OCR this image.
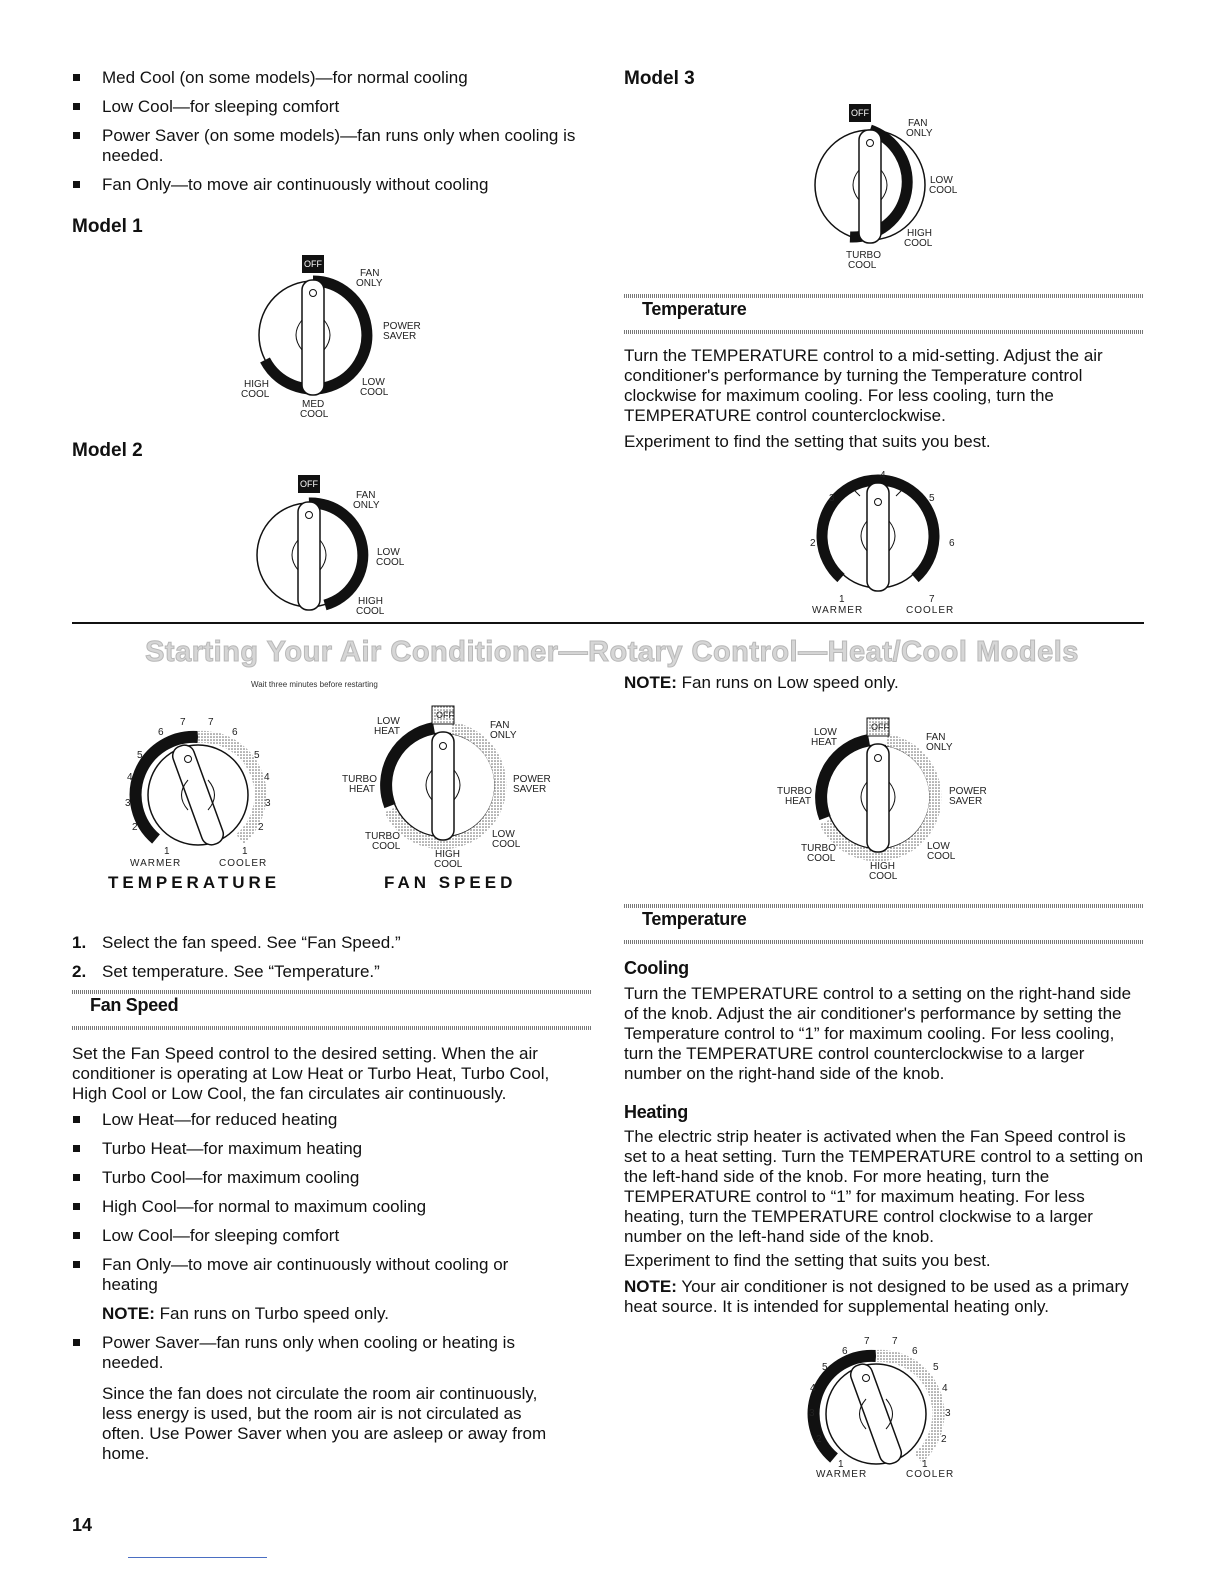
Med Cool (on some models)—for normal cooling
Low Cool—for sleeping comfort
Power Saver (on some models)—fan runs only when cooling is needed.
Fan Only—to move air continuously without cooling
Model 1
OFF
FAN
ONLY
POWER
SAVER
LOW
COOL
MED
COOL
HIGH
COOL
Model 2
OFF
FAN
ONLY
LOW
COOL
HIGH
COOL
Model 3
OFF
FAN
ONLY
LOW
COOL
HIGH
COOL
TURBO
COOL
Temperature

Turn the TEMPERATURE control to a mid-setting. Adjust the air conditioner's performance by turning the Temperature control clockwise for maximum cooling. For less cooling, turn the TEMPERATURE control counterclockwise.

Experiment to find the setting that suits you best.

1
2
3
4
5
6
7
WARMER	COOLER
Starting Your Air Conditioner—Rotary Control—Heat/Cool Models
Wait three minutes before restarting	NOTE: Fan runs on Low speed only.
7 7
6	6
5	5
4	4
3	3
2	2
1	1
WARMER	COOLER
TEMPERATURE
OFF
LOW
HEAT
FAN
ONLY
TURBO
HEAT
POWER
SAVER
TURBO
COOL
LOW
COOL
HIGH
COOL
FAN SPEED
OFF
LOW
HEAT	FAN
ONLY
TURBO
HEAT
POWER
SAVER
TURBO
COOL
LOW
COOL
HIGH
COOL
1. Select the fan speed. See “Fan Speed.”
2. Set temperature. See “Temperature.”
Fan Speed

Set the Fan Speed control to the desired setting. When the air conditioner is operating at Low Heat or Turbo Heat, Turbo Cool, High Cool or Low Cool, the fan circulates air continuously.

Low Heat—for reduced heating
Turbo Heat—for maximum heating
Turbo Cool—for maximum cooling
High Cool—for normal to maximum cooling
Low Cool—for sleeping comfort
Fan Only—to move air continuously without cooling or heating
NOTE: Fan runs on Turbo speed only.
Power Saver—fan runs only when cooling or heating is needed.
Since the fan does not circulate the room air continuously, less energy is used, but the room air is not circulated as often. Use Power Saver when you are asleep or away from home.
14
Temperature
Cooling

Turn the TEMPERATURE control to a setting on the right-hand side of the knob. Adjust the air conditioner's performance by setting the Temperature control to “1” for maximum cooling. For less cooling, turn the TEMPERATURE control counterclockwise to a larger number on the right-hand side of the knob.

Heating

The electric strip heater is activated when the Fan Speed control is set to a heat setting. Turn the TEMPERATURE control to a setting on the left-hand side of the knob. For more heating, turn the TEMPERATURE control to “1” for maximum heating. For less heating, turn the TEMPERATURE control clockwise to a larger number on the left-hand side of the knob.

Experiment to find the setting that suits you best.

NOTE: Your air conditioner is not designed to be used as a primary heat source. It is intended for supplemental heating only.

7 7
6	6
5	5
4	4
3	3
2	2
1	1
WARMER	COOLER
